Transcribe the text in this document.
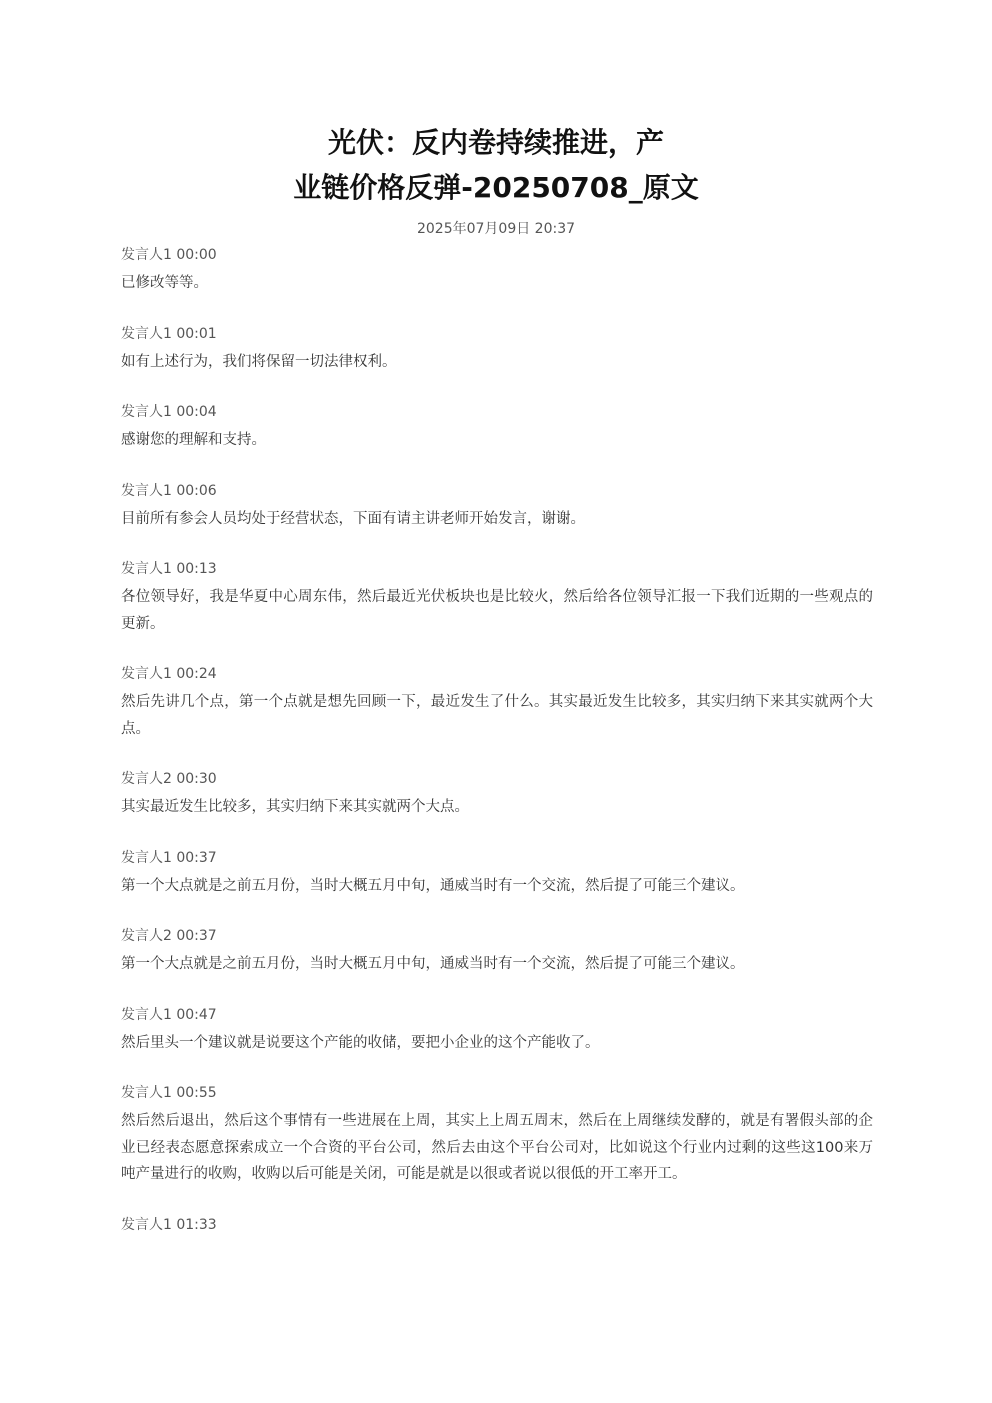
光伏：反内卷持续推进，产
业链价格反弹-20250708_原文
2025年07月09日 20:37
发言人1 00:00
已修改等等。
发言人1 00:01
如有上述行为，我们将保留一切法律权利。
发言人1 00:04
感谢您的理解和支持。
发言人1 00:06
目前所有参会人员均处于经营状态，下面有请主讲老师开始发言，谢谢。
发言人1 00:13
各位领导好，我是华夏中心周东伟，然后最近光伏板块也是比较火，然后给各位领导汇报一下我们近期的一些观点的更新。
发言人1 00:24
然后先讲几个点，第一个点就是想先回顾一下，最近发生了什么。其实最近发生比较多，其实归纳下来其实就两个大点。
发言人2 00:30
其实最近发生比较多，其实归纳下来其实就两个大点。
发言人1 00:37
第一个大点就是之前五月份，当时大概五月中旬，通威当时有一个交流，然后提了可能三个建议。
发言人2 00:37
第一个大点就是之前五月份，当时大概五月中旬，通威当时有一个交流，然后提了可能三个建议。
发言人1 00:47
然后里头一个建议就是说要这个产能的收储，要把小企业的这个产能收了。
发言人1 00:55
然后然后退出，然后这个事情有一些进展在上周，其实上上周五周末，然后在上周继续发酵的，就是有署假头部的企业已经表态愿意探索成立一个合资的平台公司，然后去由这个平台公司对，比如说这个行业内过剩的这些这100来万吨产量进行的收购，收购以后可能是关闭，可能是就是以很或者说以很低的开工率开工。
发言人1 01:33
